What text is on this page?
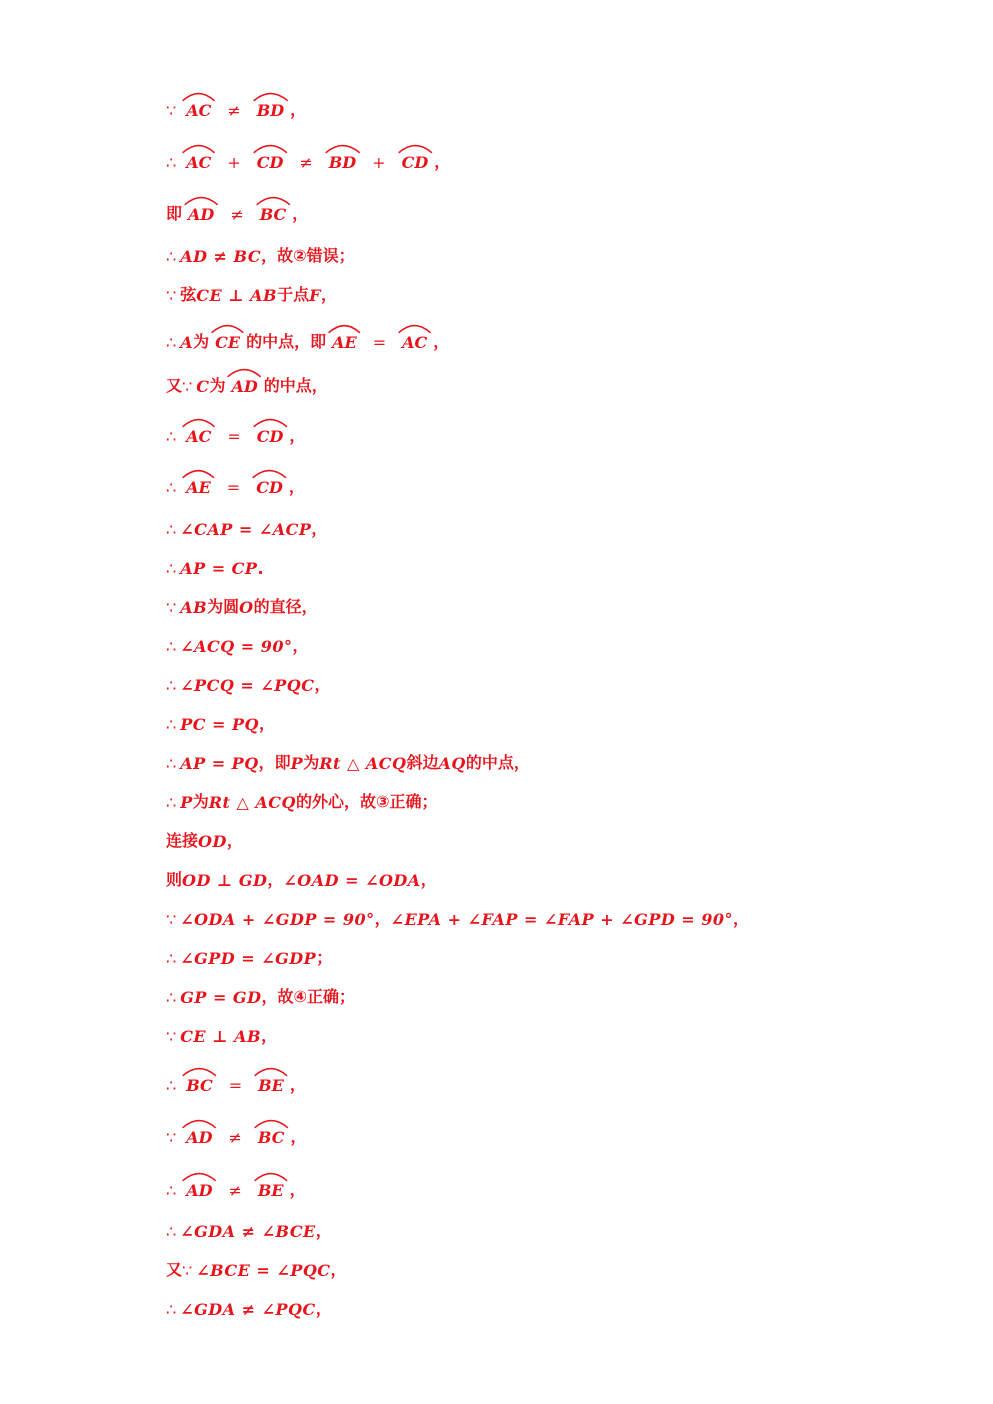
∵ AC ≠ BD ，
∴ AC + CD ≠ BD + CD ，
即 AD ≠ BC ，
∴ AD ≠ BC ，故②错误；
∵ 弦 CE ⊥ AB 于点 F ，
∴ A 为 CE 的中点，即 AE = AC ，
又 ∵ C 为 AD 的中点，
∴ AC = CD ，
∴ AE = CD ，
∴ ∠CAP = ∠ACP ，
∴ AP = CP .
∵ AB 为圆 O 的直径，
∴ ∠ACQ = 90° ，
∴ ∠PCQ = ∠PQC ，
∴ PC = PQ ，
∴ AP = PQ ，即 P 为 Rt △ ACQ 斜边 AQ 的中点，
∴ P 为 Rt △ ACQ 的外心，故③正确；
连接 OD ，
则 OD ⊥ GD ， ∠OAD = ∠ODA ，
∵ ∠ODA + ∠GDP = 90° ， ∠EPA + ∠FAP = ∠FAP + ∠GPD = 90° ，
∴ ∠GPD = ∠GDP ；
∴ GP = GD ，故④正确；
∵ CE ⊥ AB ，
∴ BC = BE ，
∵ AD ≠ BC ，
∴ AD ≠ BE ，
∴ ∠GDA ≠ ∠BCE ，
又 ∵ ∠BCE = ∠PQC ，
∴ ∠GDA ≠ ∠PQC ，
